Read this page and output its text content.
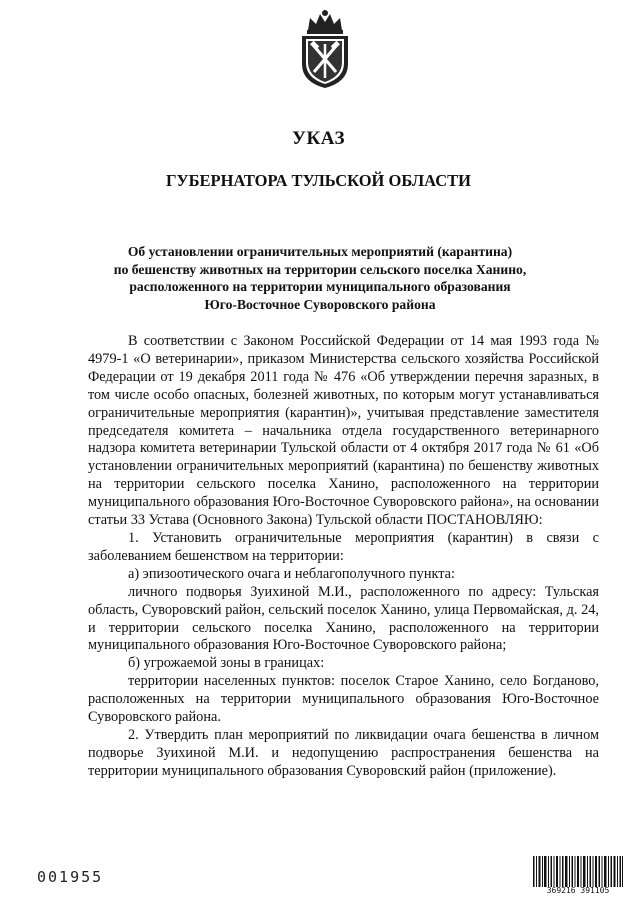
УКАЗ
ГУБЕРНАТОРА ТУЛЬСКОЙ ОБЛАСТИ
Об установлении ограничительных мероприятий (карантина)
по бешенству животных на территории сельского поселка Ханино,
расположенного на территории муниципального образования
Юго-Восточное Суворовского района

В соответствии с Законом Российской Федерации от 14 мая 1993 года № 4979-1 «О ветеринарии», приказом Министерства сельского хозяйства Российской Федерации от 19 декабря 2011 года № 476 «Об утверждении перечня заразных, в том числе особо опасных, болезней животных, по которым могут устанавливаться ограничительные мероприятия (карантин)», учитывая представление заместителя председателя комитета – начальника отдела государственного ветеринарного надзора комитета ветеринарии Тульской области от 4 октября 2017 года № 61 «Об установлении ограничительных мероприятий (карантина) по бешенству животных на территории сельского поселка Ханино, расположенного на территории муниципального образования Юго-Восточное Суворовского района», на основании статьи 33 Устава (Основного Закона) Тульской области ПОСТАНОВЛЯЮ:

1. Установить ограничительные мероприятия (карантин) в связи с заболеванием бешенством на территории:

а) эпизоотического очага и неблагополучного пункта:

личного подворья Зуихиной М.И., расположенного по адресу: Тульская область, Суворовский район, сельский поселок Ханино, улица Первомайская, д. 24, и территории сельского поселка Ханино, расположенного на территории муниципального образования Юго-Восточное Суворовского района;

б) угрожаемой зоны в границах:

территории населенных пунктов: поселок Старое Ханино, село Богданово, расположенных на территории муниципального образования Юго-Восточное Суворовского района.

2. Утвердить план мероприятий по ликвидации очага бешенства в личном подворье Зуихиной М.И. и недопущению распространения бешенства на территории муниципального образования Суворовский район (приложение).

001955
369216 391105
